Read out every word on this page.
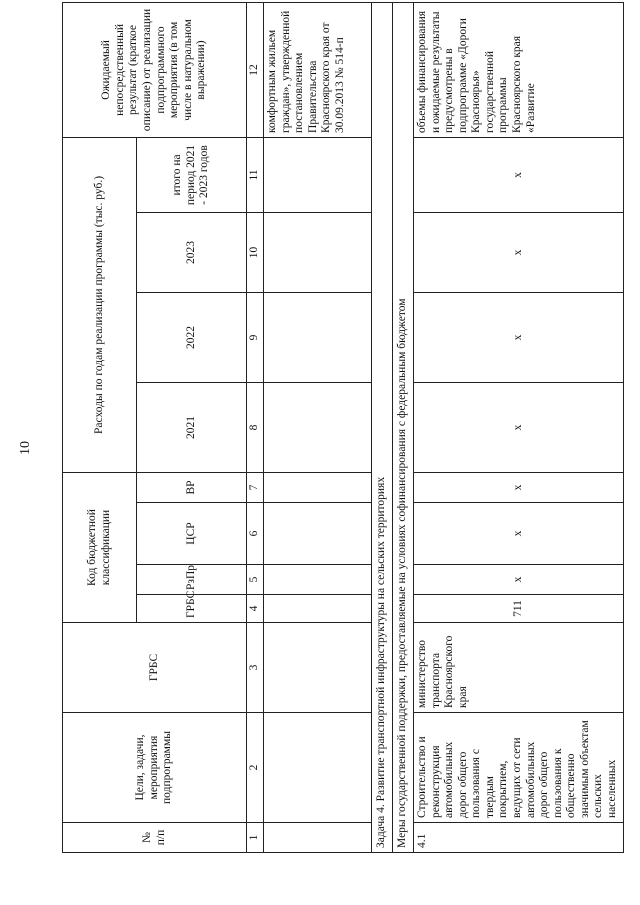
10
№ п/п	Цели, задачи, мероприятия подпрограммы	ГРБС	Код бюджетной классификации				Расходы по годам реализации программы (тыс. руб.)				Ожидаемый непосредственный результат (краткое описание) от реализации подпрограммного мероприятия (в том числе в натуральном выражении)
			ГРБС	РзПр	ЦСР	ВР	2021	2022	2023	итого на период 2021 - 2023 годов	
1	2	3	4	5	6	7	8	9	10	11	12
											комфортным жильем граждан», утвержденной постановлением Правительства Красноярского края от 30.09.2013 № 514-п
Задача 4. Развитие транспортной инфраструктуры на сельских территориях											
Меры государственной поддержки, предоставляемые на условиях софинансирования с федеральным бюджетом											
4.1	Строительство и реконструкция автомобильных дорог общего пользования с твердым покрытием, ведущих от сети автомобильных дорог общего пользования к общественно значимым объектам сельских населенных	министерство транспорта Красноярского края	711	х	х	х	х	х	х	х	объемы финансирования и ожидаемые результаты предусмотрены в подпрограмме «Дороги Красноярья» государственной программы Красноярского края «Развитие
